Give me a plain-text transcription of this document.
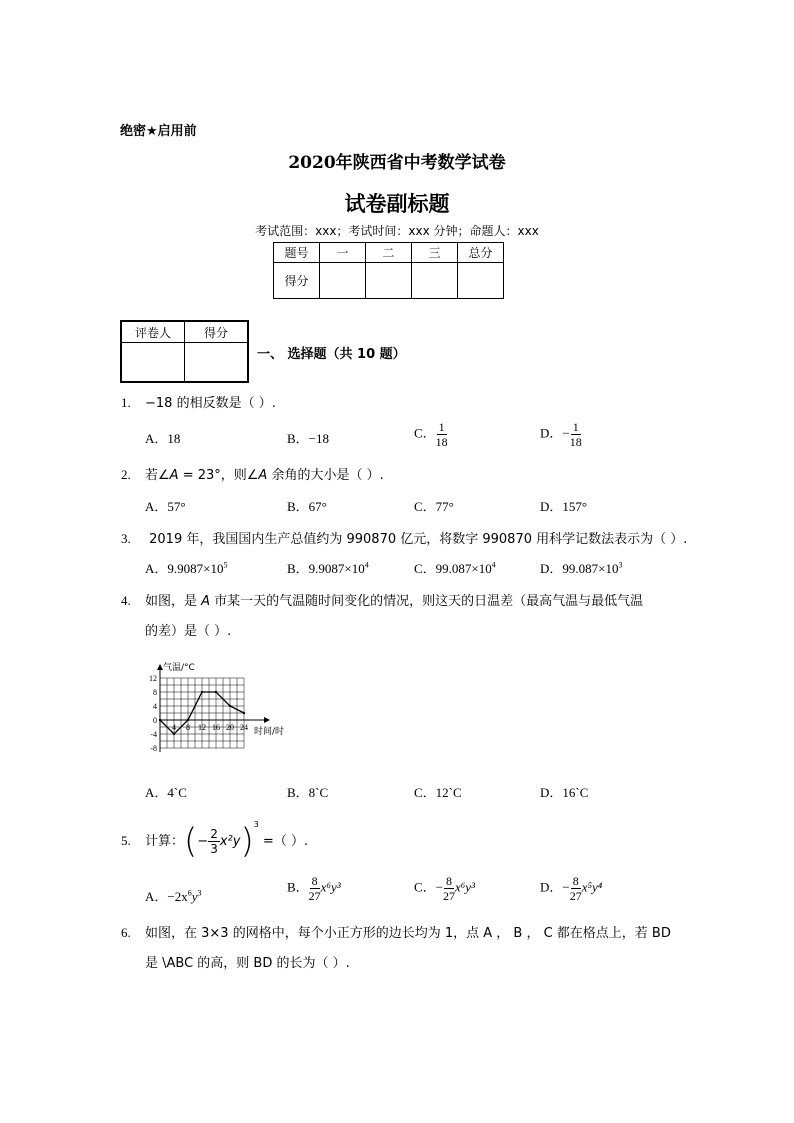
绝密★启用前
2020年陕西省中考数学试卷
试卷副标题
考试范围：xxx；考试时间：xxx 分钟；命题人：xxx
题号	一	二	三	总分
得分				
评卷人	得分

一、 选择题（共 10 题）
1. −18 的相反数是（ ）.
A．18	B．−18	C． $\frac{1}{18}$	D．− $\frac{1}{18}$
2. 若∠A = 23°，则∠A 余角的大小是（ ）.
A．57°	B．67°	C．77°	D．157°
3. 2019 年，我国国内生产总值约为 990870 亿元，将数字 990870 用科学记数法表示为（ ）.
A．$9.9087\times 10^5$	B．$9.9087\times 10^4$	C．$99.087\times 10^4$	D．$99.087\times 10^3$
4. 如图，是 A 市某一天的气温随时间变化的情况，则这天的日温差（最高气温与最低气温
的差）是（ ）.
12
8
4
0
-4
-8
4 8 12 16 20 24
气温/°C
时间/时
A．4`C	B．8`C	C．12`C	D．16`C
5. 计算：(− $\frac{2}{3} x^2y)^3$ =（ ）.
A．$-2x^6y^3$	B． $\frac{8}{27} x^6y^3$	C．− $\frac{8}{27} x^6y^3$	D．− $\frac{8}{27} x^5y^4$
6. 如图，在 3×3 的网格中，每个小正方形的边长均为 1，点 A ， B ， C 都在格点上，若 BD
是 \ABC 的高，则 BD 的长为（ ）.
